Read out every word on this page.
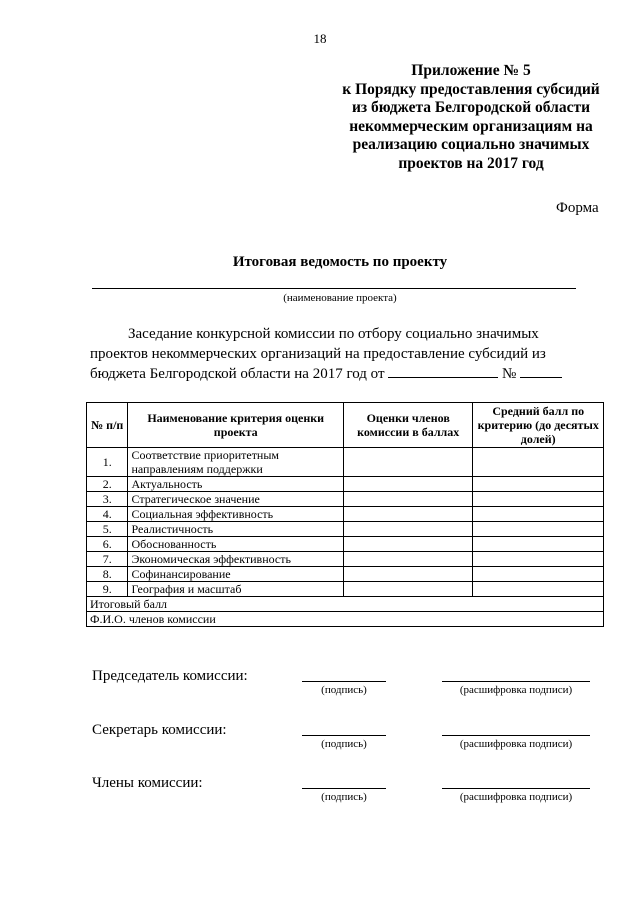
18
Приложение № 5
к Порядку предоставления субсидий
из бюджета Белгородской области
некоммерческим организациям на
реализацию социально значимых
проектов на 2017 год
Форма
Итоговая ведомость по проекту
(наименование проекта)
Заседание конкурсной комиссии по отбору социально значимых
проектов некоммерческих организаций на предоставление субсидий из
бюджета Белгородской области на 2017 год от	№
№ п/п	Наименование критерия оценки проекта	Оценки членов комиссии в баллах	Средний балл по критерию (до десятых долей)
1.	Соответствие приоритетным направлениям поддержки		
2.	Актуальность		
3.	Стратегическое значение		
4.	Социальная эффективность		
5.	Реалистичность		
6.	Обоснованность		
7.	Экономическая эффективность		
8.	Софинансирование		
9.	География и масштаб		
Итоговый балл			
Ф.И.О. членов комиссии			
Председатель комиссии:
(подпись)	(расшифровка подписи)
Секретарь комиссии:
(подпись)	(расшифровка подписи)
Члены комиссии:
(подпись)	(расшифровка подписи)
